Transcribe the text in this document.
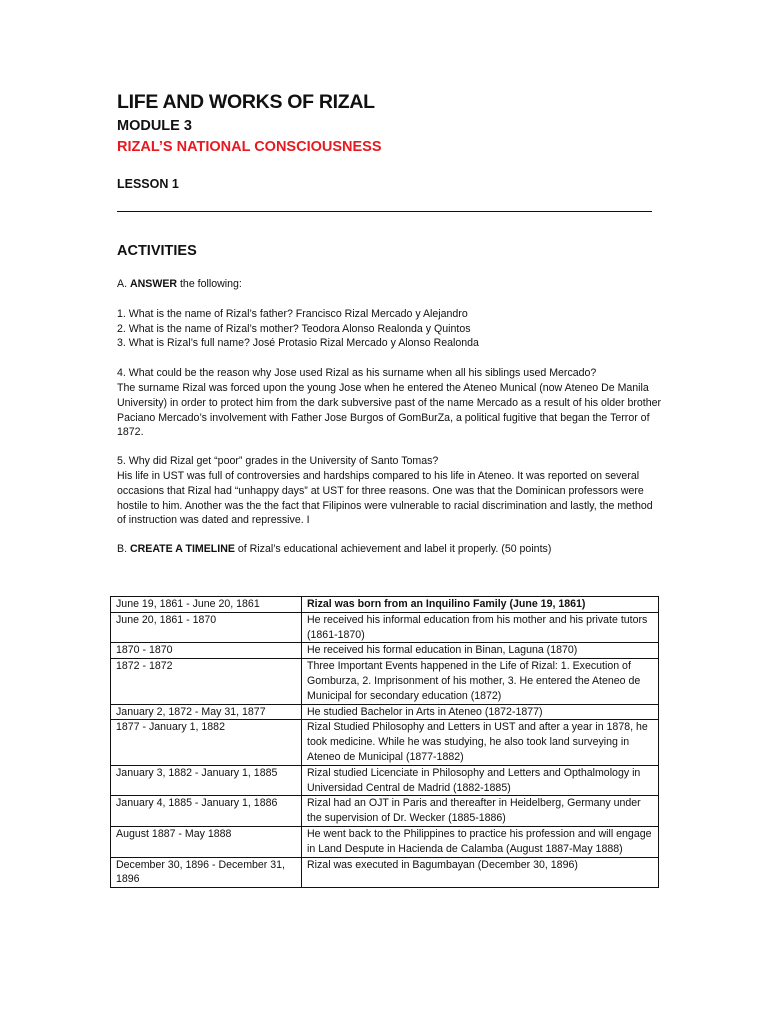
LIFE AND WORKS OF RIZAL
MODULE 3
RIZAL’S NATIONAL CONSCIOUSNESS
LESSON 1
ACTIVITIES

A. ANSWER the following:

1. What is the name of Rizal’s father? Francisco Rizal Mercado y Alejandro

2. What is the name of Rizal’s mother? Teodora Alonso Realonda y Quintos

3. What is Rizal’s full name? José Protasio Rizal Mercado y Alonso Realonda

4. What could be the reason why Jose used Rizal as his surname when all his siblings used Mercado?

The surname Rizal was forced upon the young Jose when he entered the Ateneo Munical (now Ateneo De Manila University) in order to protect him from the dark subversive past of the name Mercado as a result of his older brother Paciano Mercado’s involvement with Father Jose Burgos of GomBurZa, a political fugitive that began the Terror of 1872.

5. Why did Rizal get “poor” grades in the University of Santo Tomas?

His life in UST was full of controversies and hardships compared to his life in Ateneo. It was reported on several occasions that Rizal had “unhappy days” at UST for three reasons. One was that the Dominican professors were hostile to him. Another was the the fact that Filipinos were vulnerable to racial discrimination and lastly, the method of instruction was dated and repressive. I

B. CREATE A TIMELINE of Rizal’s educational achievement and label it properly. (50 points)

June 19, 1861 - June 20, 1861	Rizal was born from an Inquilino Family (June 19, 1861)
June 20, 1861 - 1870	He received his informal education from his mother and his private tutors (1861-1870)
1870 - 1870	He received his formal education in Binan, Laguna (1870)
1872 - 1872	Three Important Events happened in the Life of Rizal: 1. Execution of Gomburza, 2. Imprisonment of his mother, 3. He entered the Ateneo de Municipal for secondary education (1872)
January 2, 1872 - May 31, 1877	He studied Bachelor in Arts in Ateneo (1872-1877)
1877 - January 1, 1882	Rizal Studied Philosophy and Letters in UST and after a year in 1878, he took medicine. While he was studying, he also took land surveying in Ateneo de Municipal (1877-1882)
January 3, 1882 - January 1, 1885	Rizal studied Licenciate in Philosophy and Letters and Opthalmology in Universidad Central de Madrid (1882-1885)
January 4, 1885 - January 1, 1886	Rizal had an OJT in Paris and thereafter in Heidelberg, Germany under the supervision of Dr. Wecker (1885-1886)
August 1887 - May 1888	He went back to the Philippines to practice his profession and will engage in Land Despute in Hacienda de Calamba (August 1887-May 1888)
December 30, 1896 - December 31, 1896	Rizal was executed in Bagumbayan (December 30, 1896)
